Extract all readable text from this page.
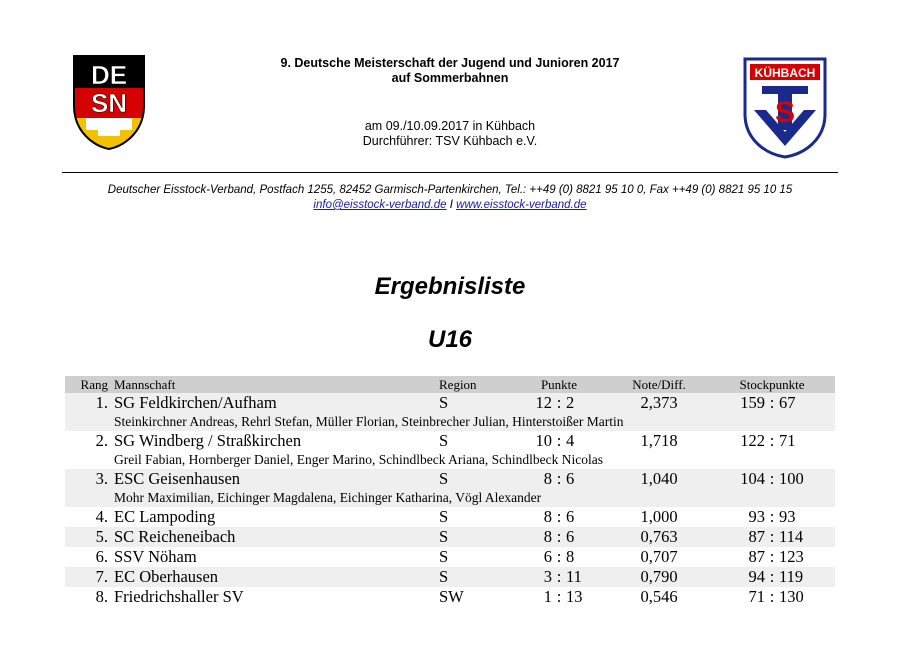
DE
SN
KÜHBACH
S
9. Deutsche Meisterschaft der Jugend und Junioren 2017
auf Sommerbahnen
am 09./10.09.2017 in Kühbach
Durchführer: TSV Kühbach e.V.
Deutscher Eisstock-Verband, Postfach 1255, 82452 Garmisch-Partenkirchen, Tel.: ++49 (0) 8821 95 10 0, Fax ++49 (0) 8821 95 10 15
info@eisstock-verband.de I www.eisstock-verband.de
Ergebnisliste
U16
Rang	Mannschaft	Region	Punkte	Note/Diff.	Stockpunkte
1.	SG Feldkirchen/Aufham	S	12 : 2	2,373	159 : 67
	Steinkirchner Andreas, Rehrl Stefan, Müller Florian, Steinbrecher Julian, Hinterstoißer Martin				
2.	SG Windberg / Straßkirchen	S	10 : 4	1,718	122 : 71
	Greil Fabian, Hornberger Daniel, Enger Marino, Schindlbeck Ariana, Schindlbeck Nicolas				
3.	ESC Geisenhausen	S	8 : 6	1,040	104 : 100
	Mohr Maximilian, Eichinger Magdalena, Eichinger Katharina, Vögl Alexander				
4.	EC Lampoding	S	8 : 6	1,000	93 : 93
5.	SC Reicheneibach	S	8 : 6	0,763	87 : 114
6.	SSV Nöham	S	6 : 8	0,707	87 : 123
7.	EC Oberhausen	S	3 : 11	0,790	94 : 119
8.	Friedrichshaller SV	SW	1 : 13	0,546	71 : 130
